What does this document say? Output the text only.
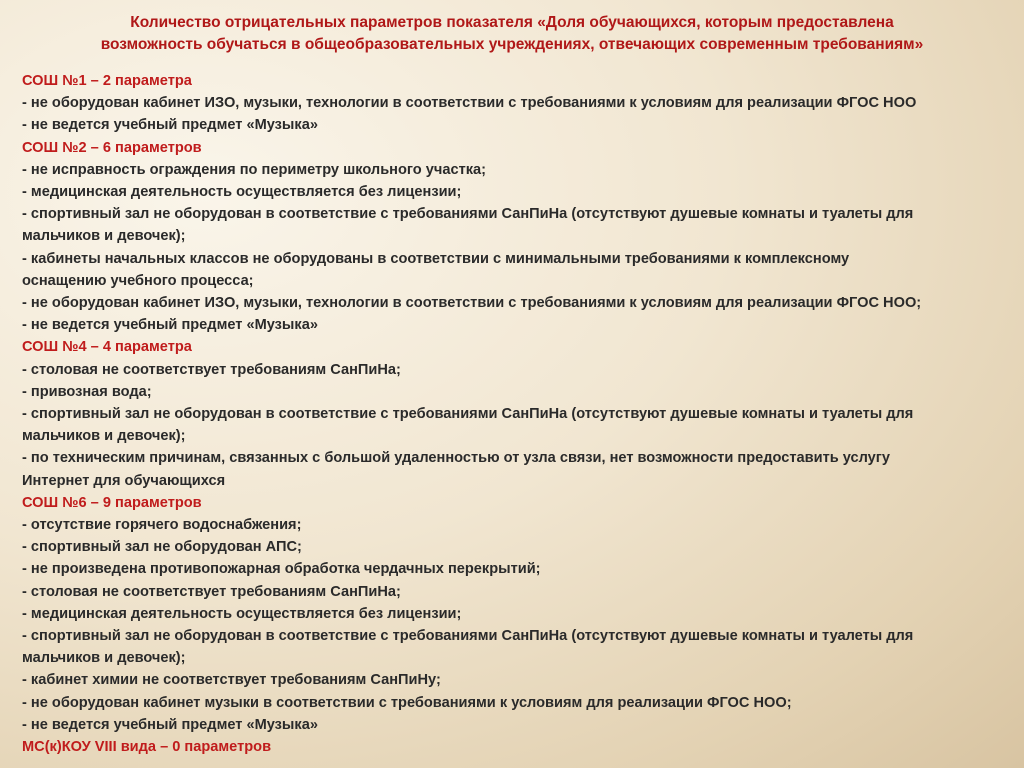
Количество отрицательных параметров показателя «Доля обучающихся, которым предоставлена
возможность обучаться в общеобразовательных учреждениях, отвечающих современным требованиям»
СОШ №1 – 2 параметра
- не оборудован кабинет ИЗО, музыки, технологии в соответствии с требованиями к условиям для реализации ФГОС НОО
- не ведется учебный предмет «Музыка»
СОШ №2 – 6 параметров
- не исправность ограждения по периметру школьного участка;
- медицинская деятельность осуществляется без лицензии;
- спортивный зал не оборудован в соответствие с требованиями СанПиНа (отсутствуют душевые комнаты и туалеты для
мальчиков и девочек);
- кабинеты начальных классов не оборудованы в соответствии с минимальными требованиями к комплексному
оснащению учебного процесса;
- не оборудован кабинет ИЗО, музыки, технологии в соответствии с требованиями к условиям для реализации ФГОС НОО;
- не ведется учебный предмет «Музыка»
СОШ №4 – 4 параметра
- столовая не соответствует требованиям СанПиНа;
- привозная вода;
- спортивный зал не оборудован в соответствие с требованиями СанПиНа (отсутствуют душевые комнаты и туалеты для
мальчиков и девочек);
- по техническим причинам, связанных с большой удаленностью от узла связи, нет возможности предоставить услугу
Интернет для обучающихся
СОШ №6 – 9 параметров
- отсутствие горячего водоснабжения;
- спортивный зал не оборудован АПС;
- не произведена противопожарная обработка чердачных перекрытий;
- столовая не соответствует требованиям СанПиНа;
- медицинская деятельность осуществляется без лицензии;
- спортивный зал не оборудован в соответствие с требованиями СанПиНа (отсутствуют душевые комнаты и туалеты для
мальчиков и девочек);
- кабинет химии не соответствует требованиям СанПиНу;
- не оборудован кабинет музыки в соответствии с требованиями к условиям для реализации ФГОС НОО;
- не ведется учебный предмет «Музыка»
МС(к)КОУ VIII вида – 0 параметров
